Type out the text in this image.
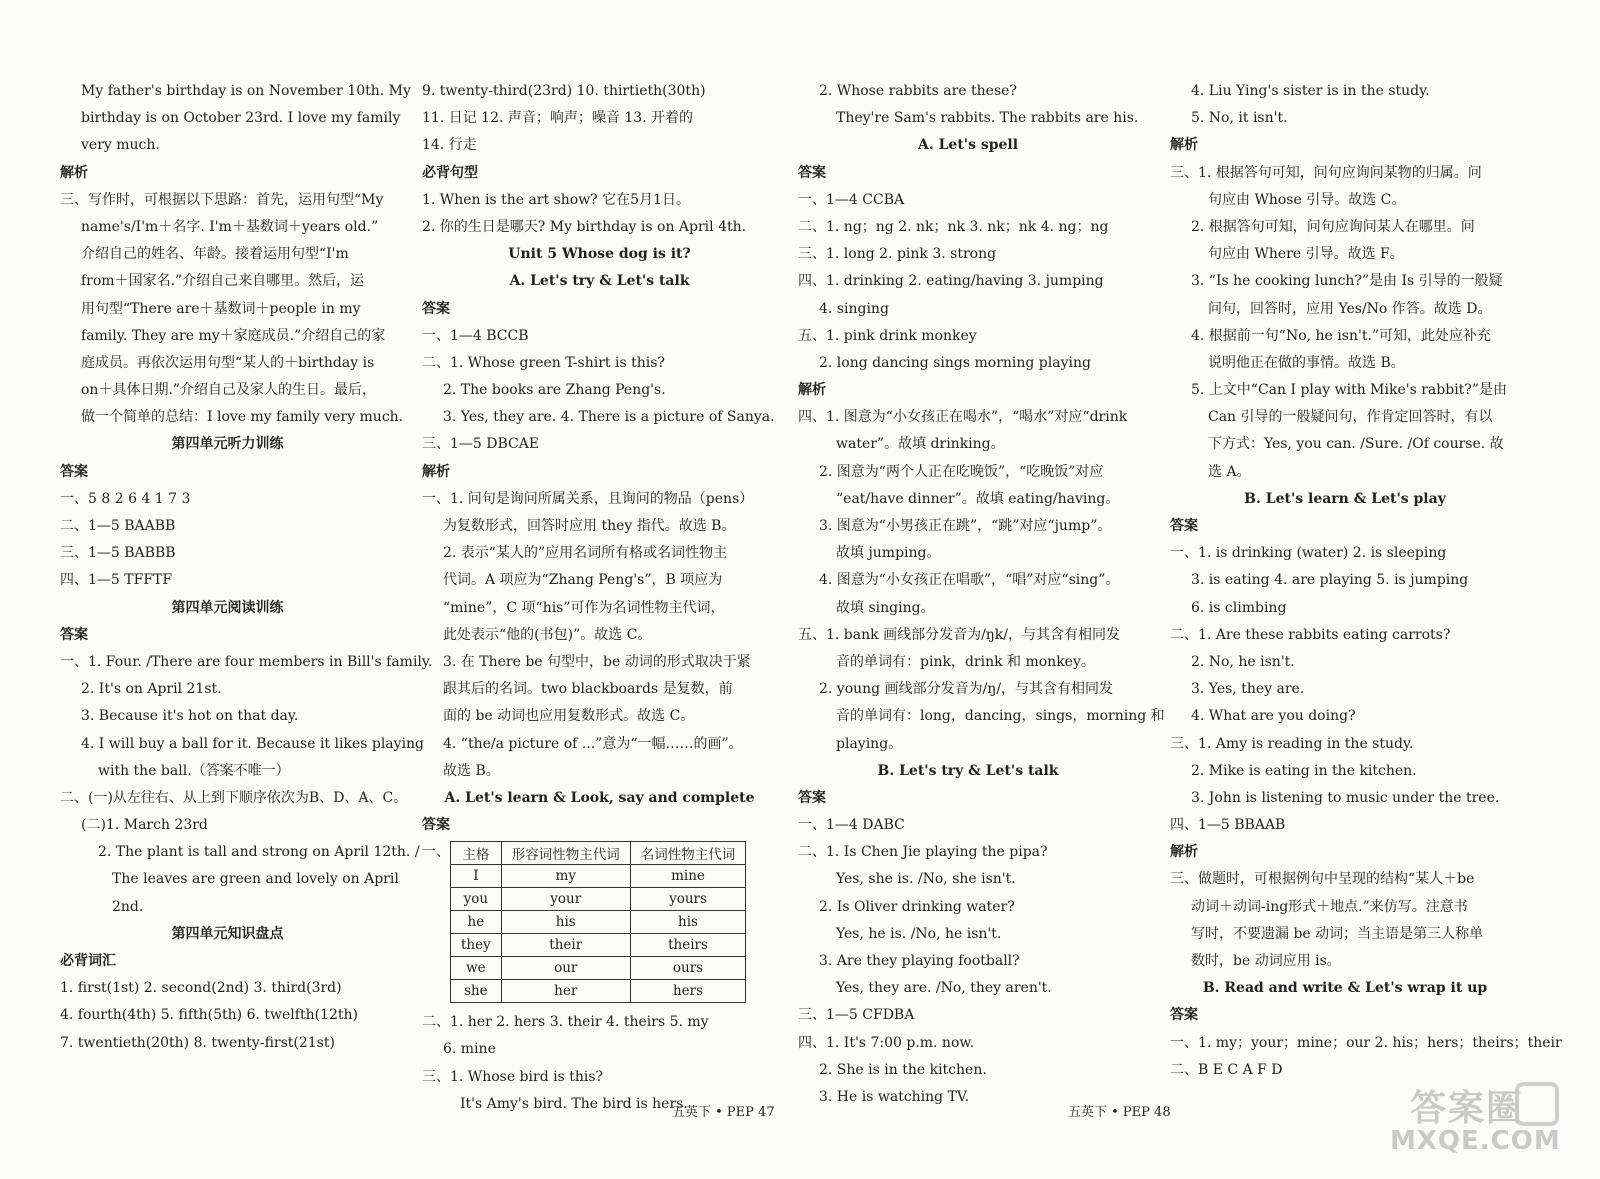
My father's birthday is on November 10th. My
birthday is on October 23rd. I love my family
very much.
解析
三、写作时，可根据以下思路：首先，运用句型“My
name's/I'm＋名字. I'm＋基数词＋years old.”
介绍自己的姓名、年龄。接着运用句型“I'm
from＋国家名.”介绍自己来自哪里。然后，运
用句型“There are＋基数词＋people in my
family. They are my＋家庭成员.”介绍自己的家
庭成员。再依次运用句型“某人的＋birthday is
on＋具体日期.”介绍自己及家人的生日。最后，
做一个简单的总结：I love my family very much.
第四单元听力训练
答案
一、5 8 2 6 4 1 7 3
二、1—5 BAABB
三、1—5 BABBB
四、1—5 TFFTF
第四单元阅读训练
答案
一、1. Four. /There are four members in Bill's family.
2. It's on April 21st.
3. Because it's hot on that day.
4. I will buy a ball for it. Because it likes playing
with the ball.（答案不唯一）
二、(一)从左往右、从上到下顺序依次为B、D、A、C。
(二)1. March 23rd
2. The plant is tall and strong on April 12th. /
The leaves are green and lovely on April
2nd.
第四单元知识盘点
必背词汇
1. first(1st) 2. second(2nd) 3. third(3rd)
4. fourth(4th) 5. fifth(5th) 6. twelfth(12th)
7. twentieth(20th) 8. twenty-first(21st)
9. twenty-third(23rd) 10. thirtieth(30th)
11. 日记 12. 声音；响声；噪音 13. 开着的
14. 行走
必背句型
1. When is the art show? 它在5月1日。
2. 你的生日是哪天? My birthday is on April 4th.
Unit 5 Whose dog is it?
A. Let's try & Let's talk
答案
一、1—4 BCCB
二、1. Whose green T-shirt is this?
2. The books are Zhang Peng's.
3. Yes, they are. 4. There is a picture of Sanya.
三、1—5 DBCAE
解析
一、1. 问句是询问所属关系，且询问的物品（pens）
为复数形式，回答时应用 they 指代。故选 B。
2. 表示“某人的”应用名词所有格或名词性物主
代词。A 项应为“Zhang Peng's”，B 项应为
“mine”，C 项“his”可作为名词性物主代词，
此处表示“他的(书包)”。故选 C。
3. 在 There be 句型中，be 动词的形式取决于紧
跟其后的名词。two blackboards 是复数，前
面的 be 动词也应用复数形式。故选 C。
4. “the/a picture of ...”意为“一幅……的画”。
故选 B。
A. Let's learn & Look, say and complete
答案
一、 主格	形容词性物主代词	名词性物主代词
I	my	mine
you	your	yours
he	his	his
they	their	theirs
we	our	ours
she	her	hers
二、1. her 2. hers 3. their 4. theirs 5. my
6. mine
三、1. Whose bird is this?
It's Amy's bird. The bird is hers.
2. Whose rabbits are these?
They're Sam's rabbits. The rabbits are his.
A. Let's spell
答案
一、1—4 CCBA
二、1. ng；ng 2. nk；nk 3. nk；nk 4. ng；ng
三、1. long 2. pink 3. strong
四、1. drinking 2. eating/having 3. jumping
4. singing
五、1. pink drink monkey
2. long dancing sings morning playing
解析
四、1. 图意为“小女孩正在喝水”，“喝水”对应“drink
water”。故填 drinking。
2. 图意为“两个人正在吃晚饭”，“吃晚饭”对应
“eat/have dinner”。故填 eating/having。
3. 图意为“小男孩正在跳”，“跳”对应“jump”。
故填 jumping。
4. 图意为“小女孩正在唱歌”，“唱”对应“sing”。
故填 singing。
五、1. bank 画线部分发音为/ŋk/，与其含有相同发
音的单词有：pink，drink 和 monkey。
2. young 画线部分发音为/ŋ/，与其含有相同发
音的单词有：long，dancing，sings，morning 和
playing。
B. Let's try & Let's talk
答案
一、1—4 DABC
二、1. Is Chen Jie playing the pipa?
Yes, she is. /No, she isn't.
2. Is Oliver drinking water?
Yes, he is. /No, he isn't.
3. Are they playing football?
Yes, they are. /No, they aren't.
三、1—5 CFDBA
四、1. It's 7:00 p.m. now.
2. She is in the kitchen.
3. He is watching TV.
4. Liu Ying's sister is in the study.
5. No, it isn't.
解析
三、1. 根据答句可知，问句应询问某物的归属。问
句应由 Whose 引导。故选 C。
2. 根据答句可知，问句应询问某人在哪里。问
句应由 Where 引导。故选 F。
3. “Is he cooking lunch?”是由 Is 引导的一般疑
问句，回答时，应用 Yes/No 作答。故选 D。
4. 根据前一句“No, he isn't.”可知，此处应补充
说明他正在做的事情。故选 B。
5. 上文中“Can I play with Mike's rabbit?”是由
Can 引导的一般疑问句，作肯定回答时，有以
下方式：Yes, you can. /Sure. /Of course. 故
选 A。
B. Let's learn & Let's play
答案
一、1. is drinking (water) 2. is sleeping
3. is eating 4. are playing 5. is jumping
6. is climbing
二、1. Are these rabbits eating carrots?
2. No, he isn't.
3. Yes, they are.
4. What are you doing?
三、1. Amy is reading in the study.
2. Mike is eating in the kitchen.
3. John is listening to music under the tree.
四、1—5 BBAAB
解析
三、做题时，可根据例句中呈现的结构“某人＋be
动词＋动词-ing形式＋地点.”来仿写。注意书
写时，不要遗漏 be 动词；当主语是第三人称单
数时，be 动词应用 is。
B. Read and write & Let's wrap it up
答案
一、1. my；your；mine；our 2. his；hers；theirs；their
二、B E C A F D
五英下 • PEP 47	五英下 • PEP 48	答案圈
MXQE.COM
